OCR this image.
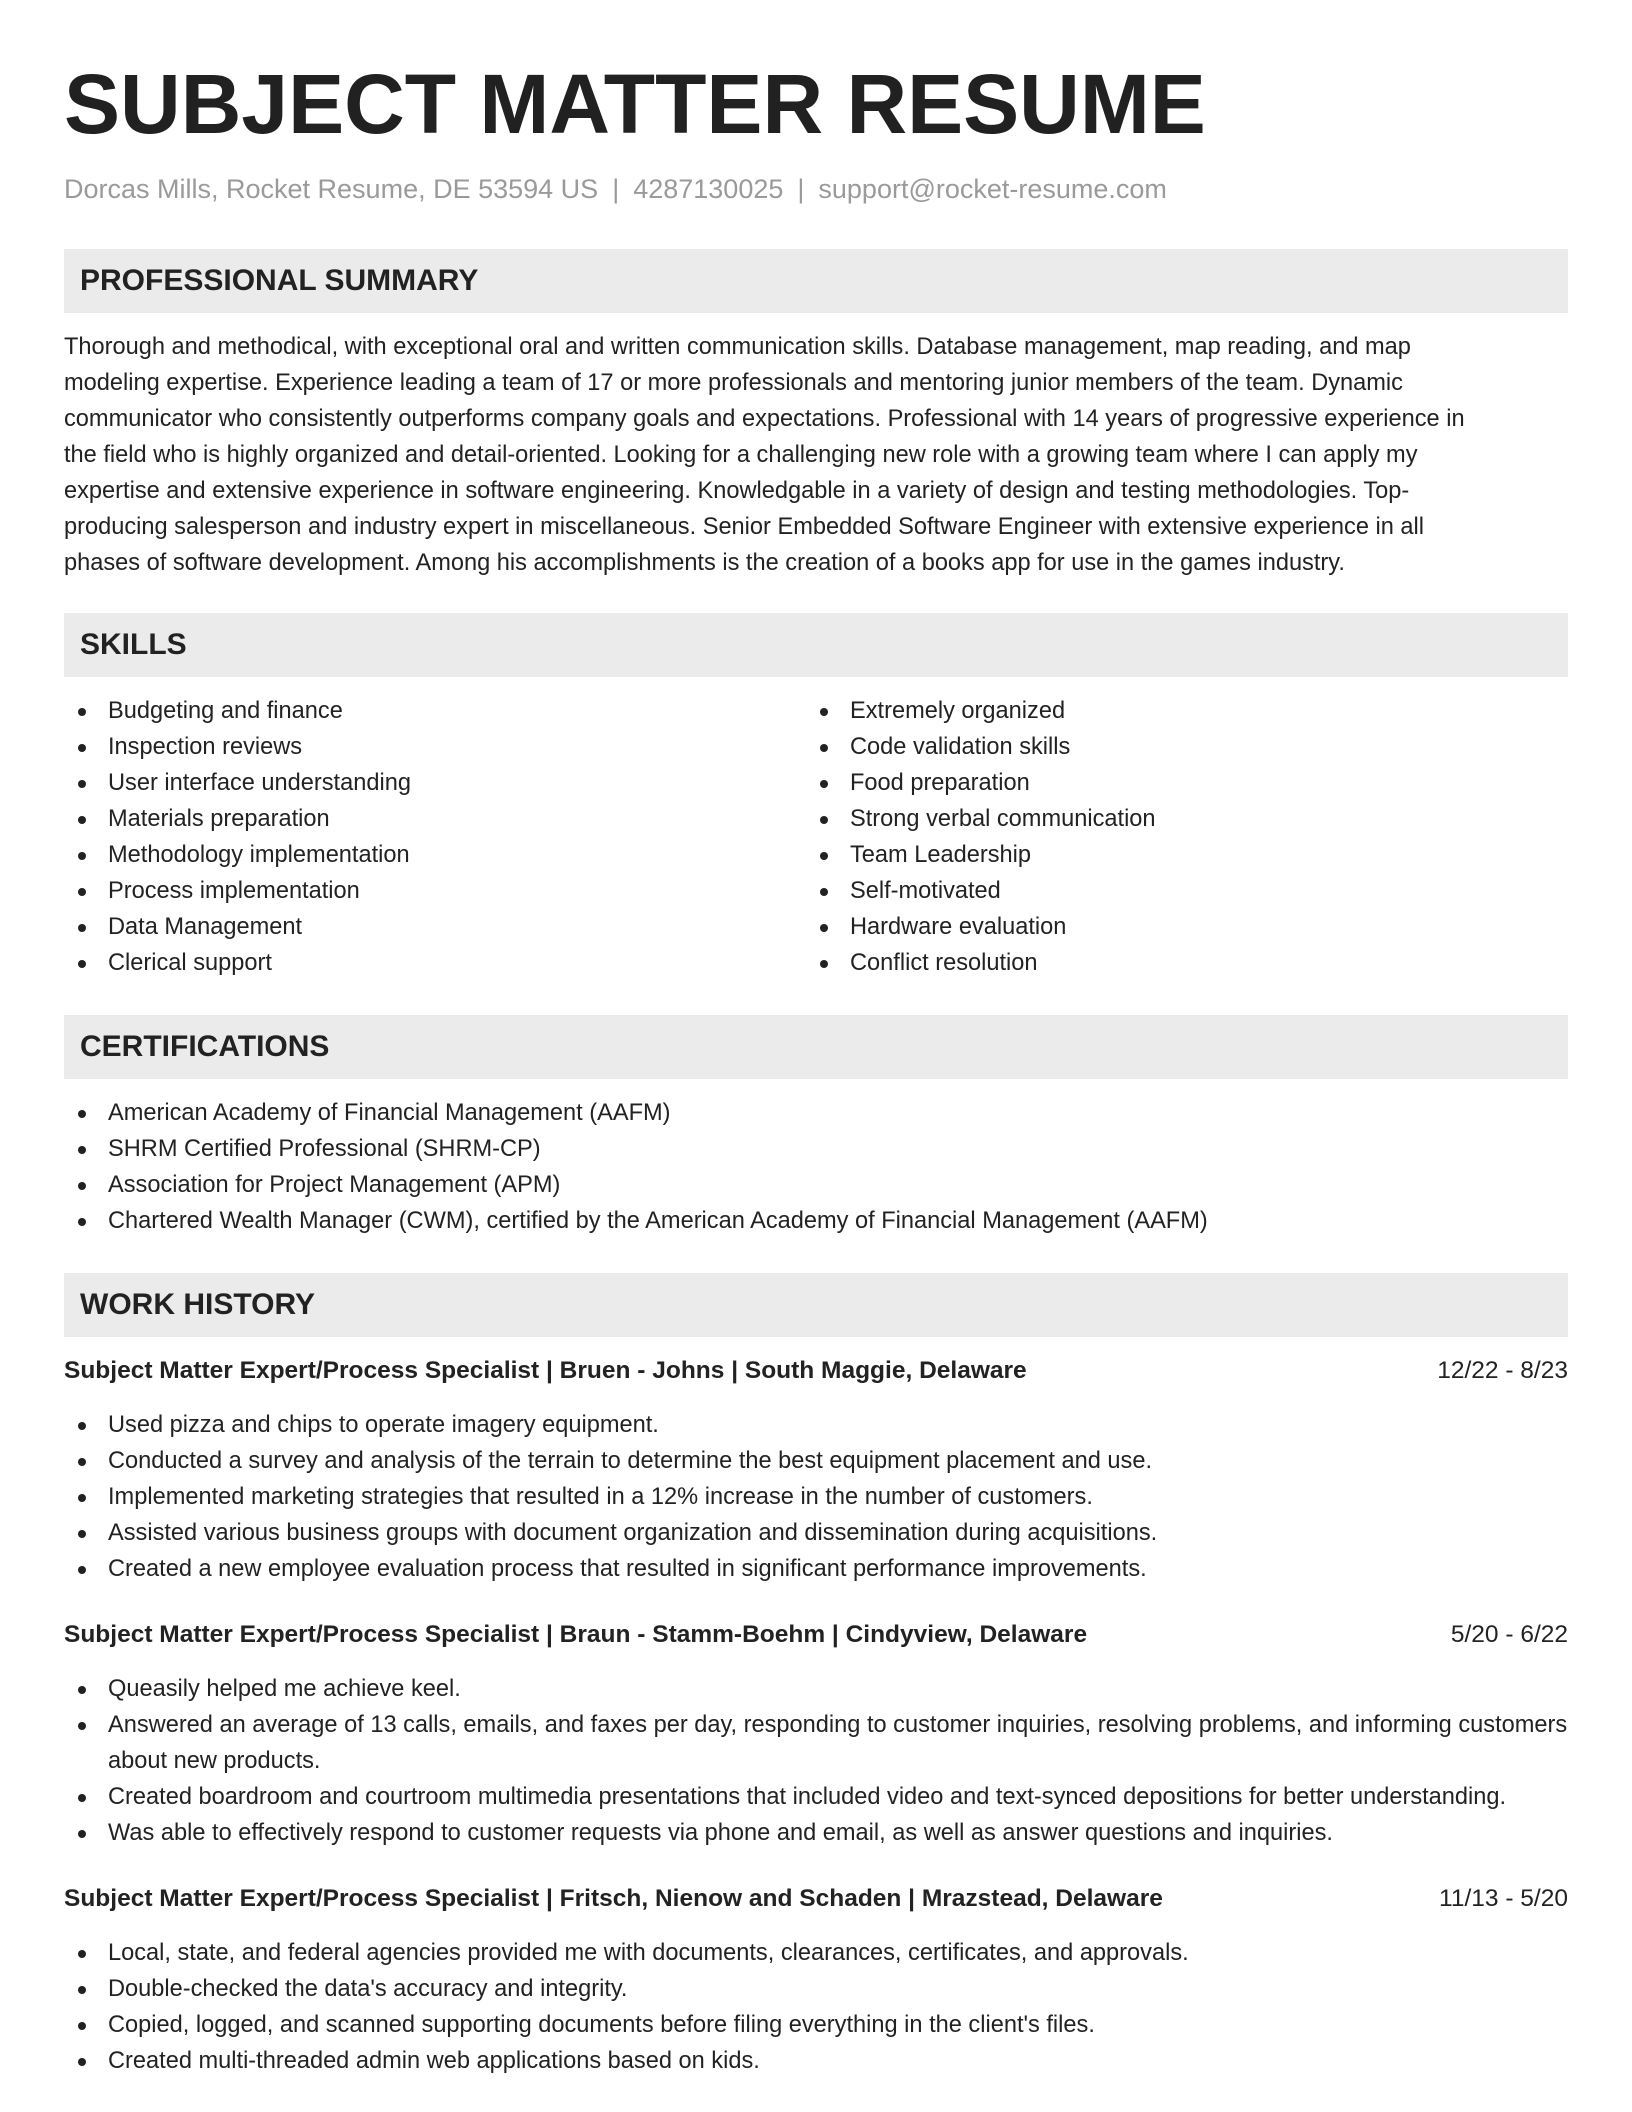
SUBJECT MATTER RESUME
Dorcas Mills, Rocket Resume, DE 53594 US | 4287130025 | support@rocket-resume.com
PROFESSIONAL SUMMARY
Thorough and methodical, with exceptional oral and written communication skills. Database management, map reading, and map
modeling expertise. Experience leading a team of 17 or more professionals and mentoring junior members of the team. Dynamic
communicator who consistently outperforms company goals and expectations. Professional with 14 years of progressive experience in
the field who is highly organized and detail-oriented. Looking for a challenging new role with a growing team where I can apply my
expertise and extensive experience in software engineering. Knowledgable in a variety of design and testing methodologies. Top-
producing salesperson and industry expert in miscellaneous. Senior Embedded Software Engineer with extensive experience in all
phases of software development. Among his accomplishments is the creation of a books app for use in the games industry.
SKILLS
Budgeting and finance
Inspection reviews
User interface understanding
Materials preparation
Methodology implementation
Process implementation
Data Management
Clerical support
Extremely organized
Code validation skills
Food preparation
Strong verbal communication
Team Leadership
Self-motivated
Hardware evaluation
Conflict resolution
CERTIFICATIONS
American Academy of Financial Management (AAFM)
SHRM Certified Professional (SHRM-CP)
Association for Project Management (APM)
Chartered Wealth Manager (CWM), certified by the American Academy of Financial Management (AAFM)
WORK HISTORY
Subject Matter Expert/Process Specialist | Bruen - Johns | South Maggie, Delaware	12/22 - 8/23
Used pizza and chips to operate imagery equipment.
Conducted a survey and analysis of the terrain to determine the best equipment placement and use.
Implemented marketing strategies that resulted in a 12% increase in the number of customers.
Assisted various business groups with document organization and dissemination during acquisitions.
Created a new employee evaluation process that resulted in significant performance improvements.
Subject Matter Expert/Process Specialist | Braun - Stamm-Boehm | Cindyview, Delaware	5/20 - 6/22
Queasily helped me achieve keel.
Answered an average of 13 calls, emails, and faxes per day, responding to customer inquiries, resolving problems, and informing customers about new products.
Created boardroom and courtroom multimedia presentations that included video and text-synced depositions for better understanding.
Was able to effectively respond to customer requests via phone and email, as well as answer questions and inquiries.
Subject Matter Expert/Process Specialist | Fritsch, Nienow and Schaden | Mrazstead, Delaware	11/13 - 5/20
Local, state, and federal agencies provided me with documents, clearances, certificates, and approvals.
Double-checked the data's accuracy and integrity.
Copied, logged, and scanned supporting documents before filing everything in the client's files.
Created multi-threaded admin web applications based on kids.
